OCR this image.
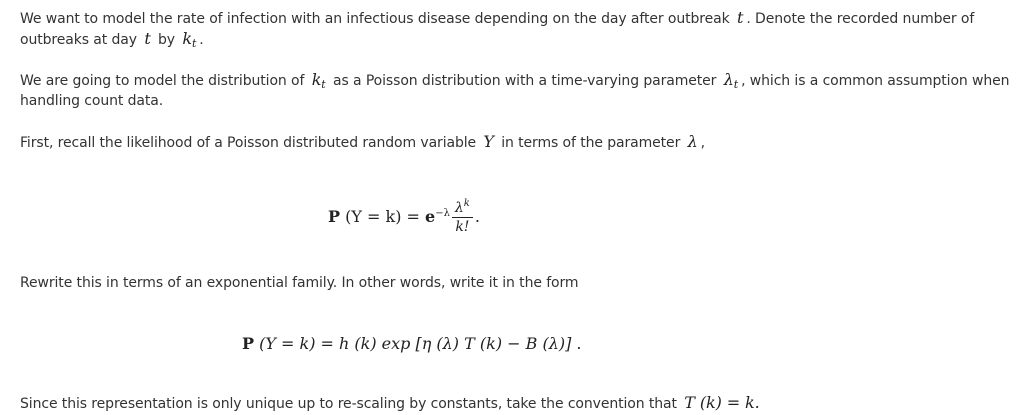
We want to model the rate of infection with an infectious disease depending on the day after outbreak t . Denote the recorded number of outbreaks at day t by $k_t$ .

We are going to model the distribution of $k_t$ as a Poisson distribution with a time-varying parameter $\lambda_t$ , which is a common assumption when handling count data.

First, recall the likelihood of a Poisson distributed random variable Y in terms of the parameter λ ,

P $(Y = k) = e^{-\lambda} \frac{\lambda^k}{k!}$ .

Rewrite this in terms of an exponential family. In other words, write it in the form

P (Y = k) = h (k) exp [η (λ) T (k) − B (λ)] .

Since this representation is only unique up to re-scaling by constants, take the convention that T (k) = k.
